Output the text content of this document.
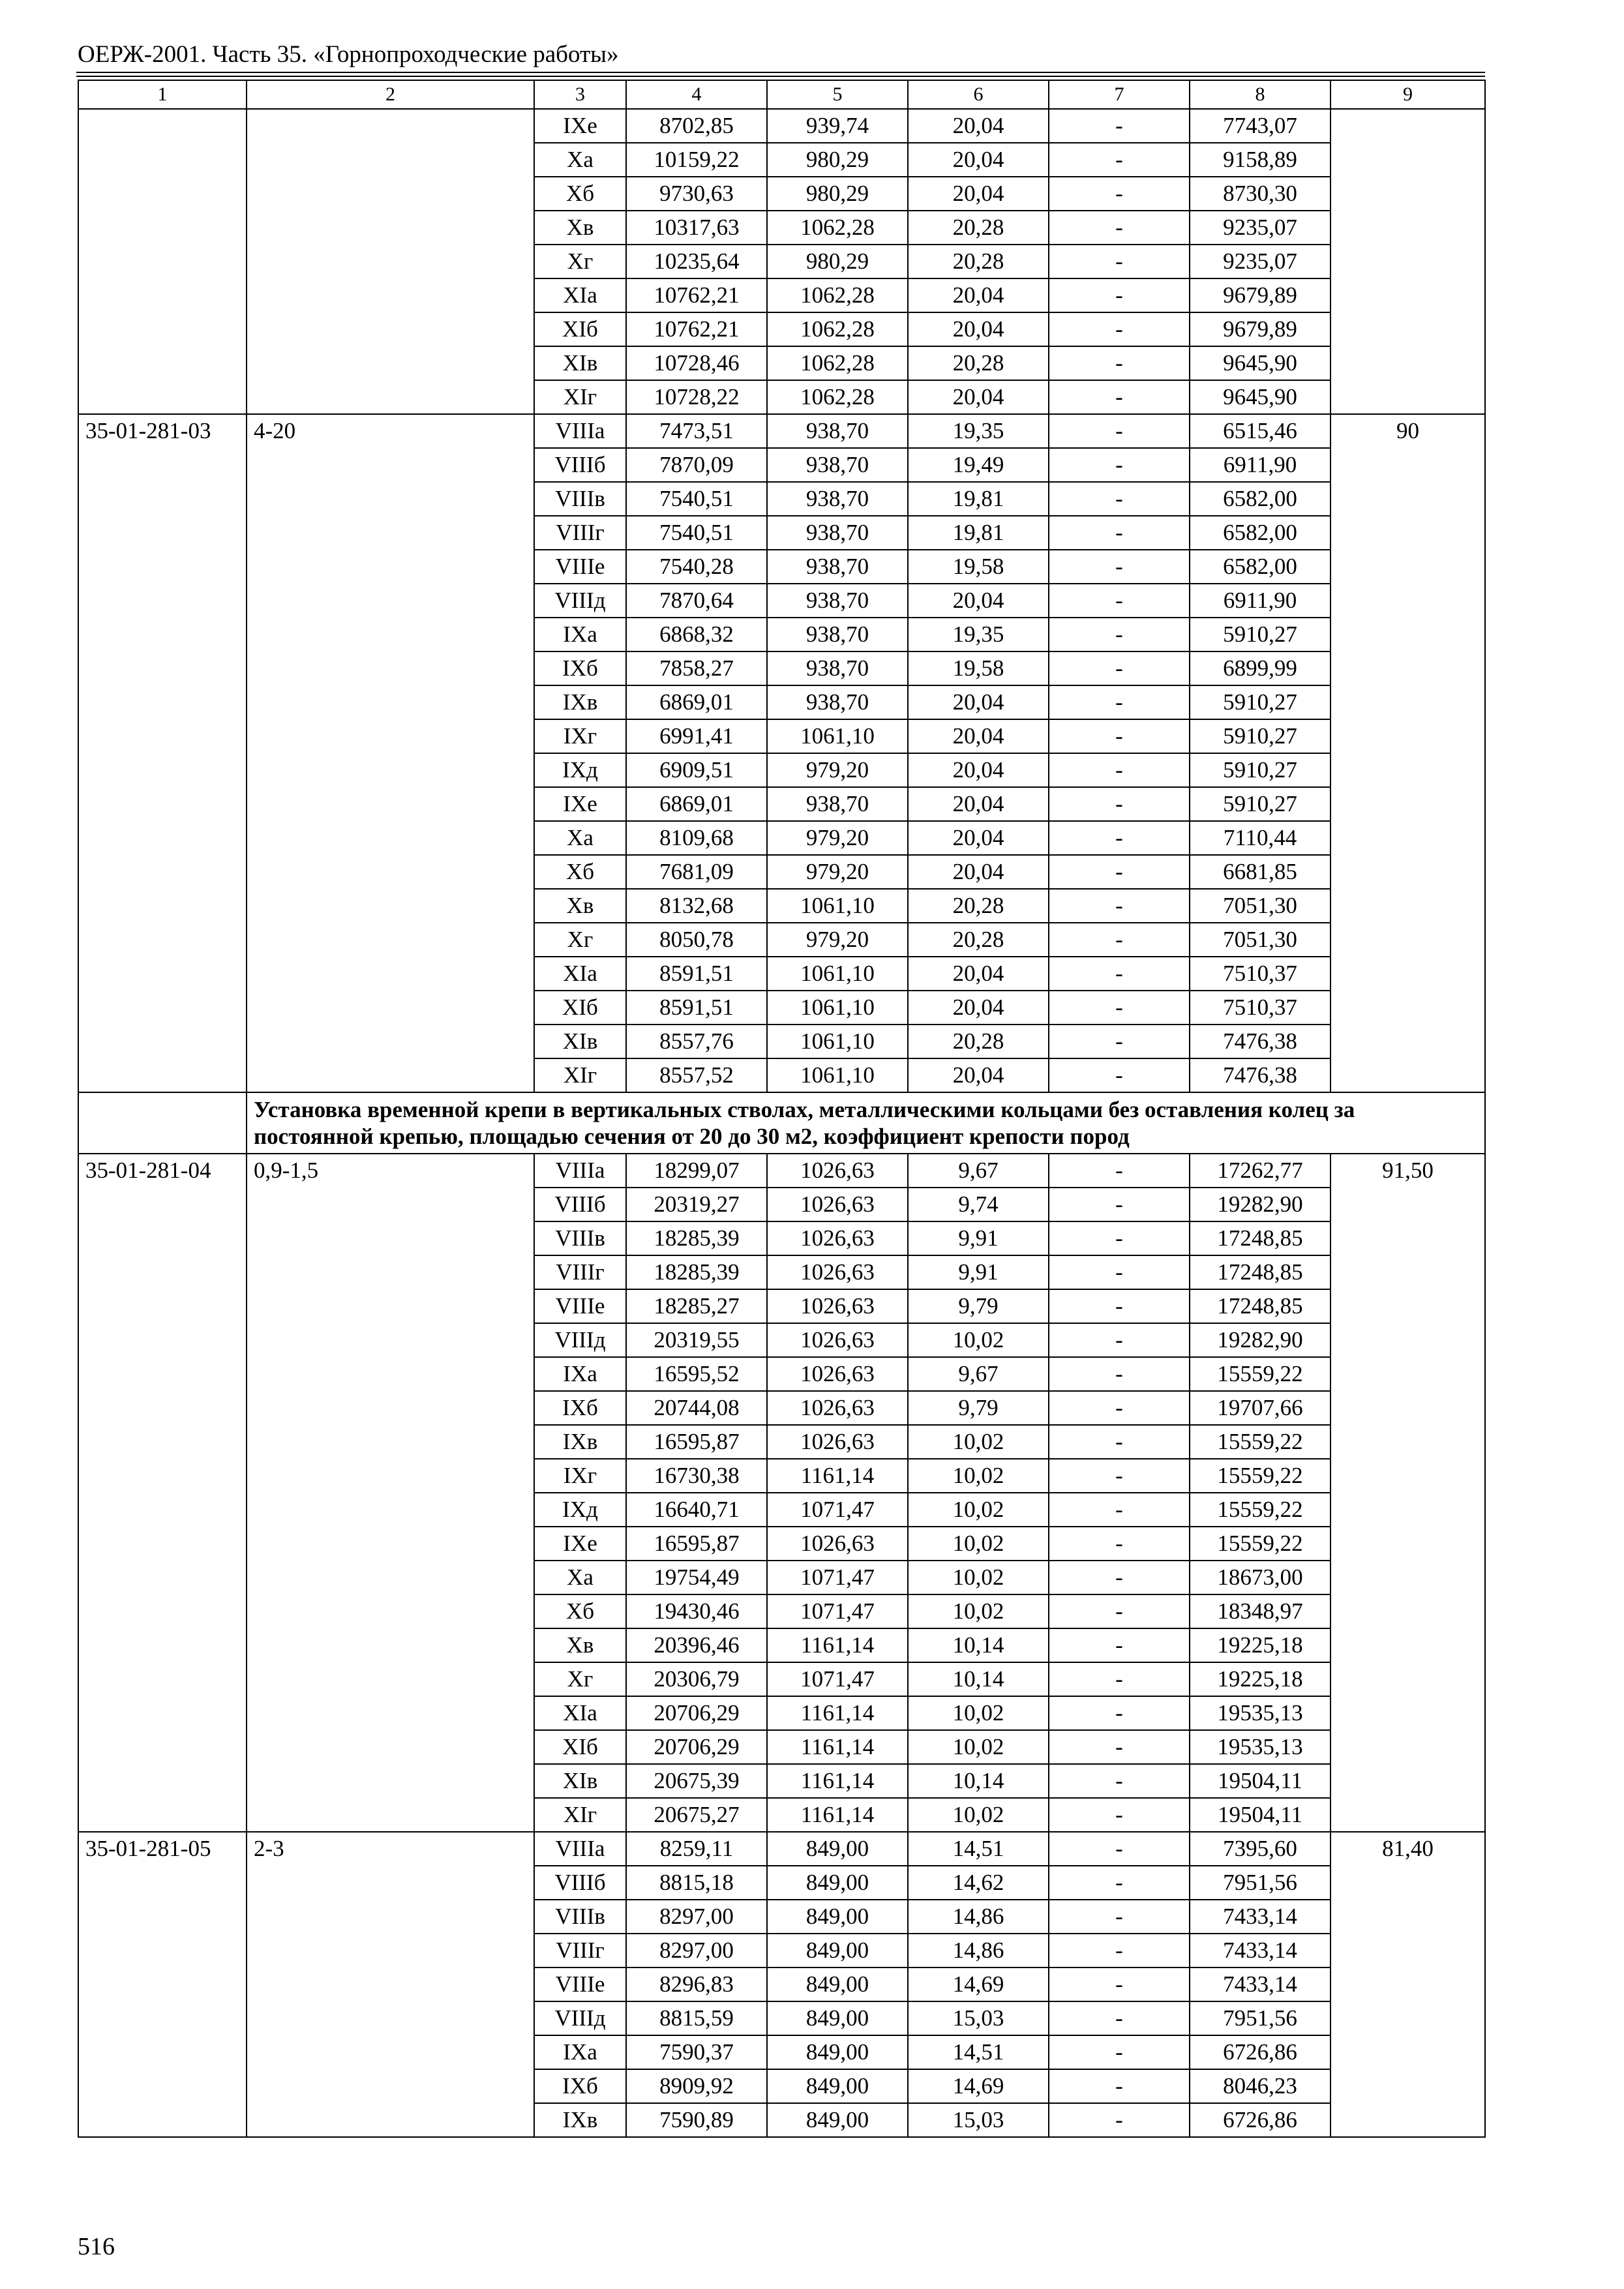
ОЕРЖ-2001. Часть 35. «Горнопроходческие работы»
1	2	3	4	5	6	7	8	9
		IXе	8702,85	939,74	20,04	-	7743,07	
		Xа	10159,22	980,29	20,04	-	9158,89	
		Xб	9730,63	980,29	20,04	-	8730,30	
		Xв	10317,63	1062,28	20,28	-	9235,07	
		Xг	10235,64	980,29	20,28	-	9235,07	
		XIа	10762,21	1062,28	20,04	-	9679,89	
		XIб	10762,21	1062,28	20,04	-	9679,89	
		XIв	10728,46	1062,28	20,28	-	9645,90	
		XIг	10728,22	1062,28	20,04	-	9645,90	
35-01-281-03	4-20	VIIIа	7473,51	938,70	19,35	-	6515,46	90
		VIIIб	7870,09	938,70	19,49	-	6911,90	
		VIIIв	7540,51	938,70	19,81	-	6582,00	
		VIIIг	7540,51	938,70	19,81	-	6582,00	
		VIIIе	7540,28	938,70	19,58	-	6582,00	
		VIIIд	7870,64	938,70	20,04	-	6911,90	
		IXа	6868,32	938,70	19,35	-	5910,27	
		IXб	7858,27	938,70	19,58	-	6899,99	
		IXв	6869,01	938,70	20,04	-	5910,27	
		IXг	6991,41	1061,10	20,04	-	5910,27	
		IXд	6909,51	979,20	20,04	-	5910,27	
		IXе	6869,01	938,70	20,04	-	5910,27	
		Xа	8109,68	979,20	20,04	-	7110,44	
		Xб	7681,09	979,20	20,04	-	6681,85	
		Xв	8132,68	1061,10	20,28	-	7051,30	
		Xг	8050,78	979,20	20,28	-	7051,30	
		XIа	8591,51	1061,10	20,04	-	7510,37	
		XIб	8591,51	1061,10	20,04	-	7510,37	
		XIв	8557,76	1061,10	20,28	-	7476,38	
		XIг	8557,52	1061,10	20,04	-	7476,38	
	Установка временной крепи в вертикальных стволах, металлическими кольцами без оставления колец за постоянной крепью, площадью сечения от 20 до 30 м2, коэффициент крепости пород							
35-01-281-04	0,9-1,5	VIIIа	18299,07	1026,63	9,67	-	17262,77	91,50
		VIIIб	20319,27	1026,63	9,74	-	19282,90	
		VIIIв	18285,39	1026,63	9,91	-	17248,85	
		VIIIг	18285,39	1026,63	9,91	-	17248,85	
		VIIIе	18285,27	1026,63	9,79	-	17248,85	
		VIIIд	20319,55	1026,63	10,02	-	19282,90	
		IXа	16595,52	1026,63	9,67	-	15559,22	
		IXб	20744,08	1026,63	9,79	-	19707,66	
		IXв	16595,87	1026,63	10,02	-	15559,22	
		IXг	16730,38	1161,14	10,02	-	15559,22	
		IXд	16640,71	1071,47	10,02	-	15559,22	
		IXе	16595,87	1026,63	10,02	-	15559,22	
		Xа	19754,49	1071,47	10,02	-	18673,00	
		Xб	19430,46	1071,47	10,02	-	18348,97	
		Xв	20396,46	1161,14	10,14	-	19225,18	
		Xг	20306,79	1071,47	10,14	-	19225,18	
		XIа	20706,29	1161,14	10,02	-	19535,13	
		XIб	20706,29	1161,14	10,02	-	19535,13	
		XIв	20675,39	1161,14	10,14	-	19504,11	
		XIг	20675,27	1161,14	10,02	-	19504,11	
35-01-281-05	2-3	VIIIа	8259,11	849,00	14,51	-	7395,60	81,40
		VIIIб	8815,18	849,00	14,62	-	7951,56	
		VIIIв	8297,00	849,00	14,86	-	7433,14	
		VIIIг	8297,00	849,00	14,86	-	7433,14	
		VIIIе	8296,83	849,00	14,69	-	7433,14	
		VIIIд	8815,59	849,00	15,03	-	7951,56	
		IXа	7590,37	849,00	14,51	-	6726,86	
		IXб	8909,92	849,00	14,69	-	8046,23	
		IXв	7590,89	849,00	15,03	-	6726,86	
516
